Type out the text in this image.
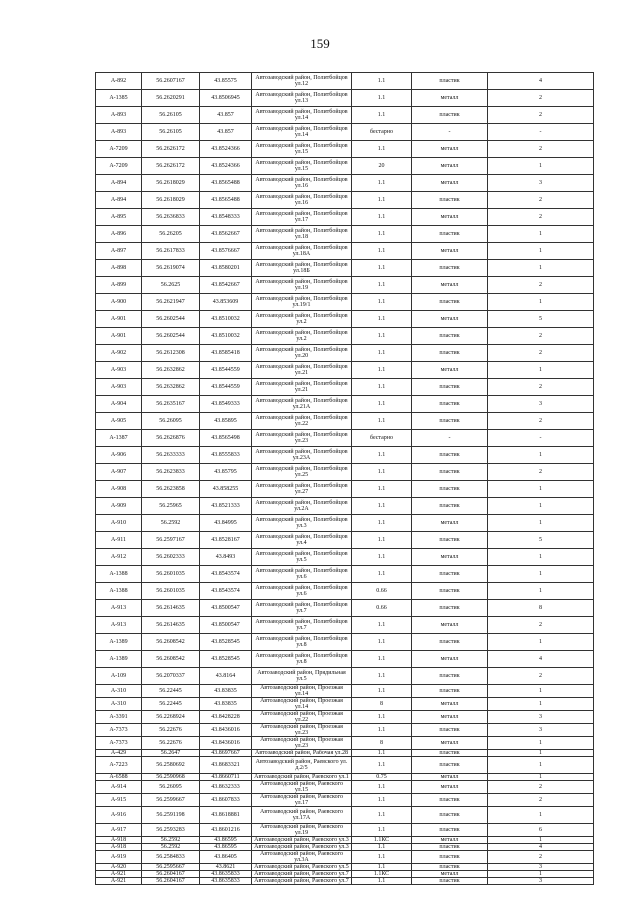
159
А-892	56.2607167	43.85575	Автозаводский район, Политбойцов ул.12	1.1	пластик	4
А-1385	56.2620291	43.8506945	Автозаводский район, Политбойцов ул.13	1.1	металл	2
А-893	56.26105	43.857	Автозаводский район, Политбойцов ул.14	1.1	пластик	2
А-893	56.26105	43.857	Автозаводский район, Политбойцов ул.14	бестарно	-	-
А-7209	56.2626172	43.8524366	Автозаводский район, Политбойцов ул.15	1.1	металл	2
А-7209	56.2626172	43.8524366	Автозаводский район, Политбойцов ул.15	20	металл	1
А-894	56.2618029	43.8565488	Автозаводский район, Политбойцов ул.16	1.1	металл	3
А-894	56.2618029	43.8565488	Автозаводский район, Политбойцов ул.16	1.1	пластик	2
А-895	56.2636833	43.8548333	Автозаводский район, Политбойцов ул.17	1.1	металл	2
А-896	56.26205	43.8562667	Автозаводский район, Политбойцов ул.18	1.1	пластик	1
А-897	56.2617833	43.8576667	Автозаводский район, Политбойцов ул.18А	1.1	металл	1
А-898	56.2619074	43.8580201	Автозаводский район, Политбойцов ул.18Б	1.1	пластик	1
А-899	56.2625	43.8542667	Автозаводский район, Политбойцов ул.19	1.1	металл	2
А-900	56.2621947	43.853609	Автозаводский район, Политбойцов ул.19/1	1.1	пластик	1
А-901	56.2602544	43.8510032	Автозаводский район, Политбойцов ул.2	1.1	металл	5
А-901	56.2602544	43.8510032	Автозаводский район, Политбойцов ул.2	1.1	пластик	2
А-902	56.2612308	43.8585418	Автозаводский район, Политбойцов ул.20	1.1	пластик	2
А-903	56.2632862	43.8544559	Автозаводский район, Политбойцов ул.21	1.1	металл	1
А-903	56.2632862	43.8544559	Автозаводский район, Политбойцов ул.21	1.1	пластик	2
А-904	56.2635167	43.8549333	Автозаводский район, Политбойцов ул.21А	1.1	пластик	3
А-905	56.26095	43.85895	Автозаводский район, Политбойцов ул.22	1.1	пластик	2
А-1387	56.2626876	43.8565498	Автозаводский район, Политбойцов ул.23	бестарно	-	-
А-906	56.2633333	43.8555833	Автозаводский район, Политбойцов ул.23А	1.1	пластик	1
А-907	56.2623833	43.85795	Автозаводский район, Политбойцов ул.25	1.1	пластик	2
А-908	56.2623858	43.858255	Автозаводский район, Политбойцов ул.27	1.1	пластик	1
А-909	56.25965	43.8521333	Автозаводский район, Политбойцов ул.2А	1.1	пластик	1
А-910	56.2592	43.84995	Автозаводский район, Политбойцов ул.3	1.1	металл	1
А-911	56.2597167	43.8528167	Автозаводский район, Политбойцов ул.4	1.1	пластик	5
А-912	56.2602333	43.8493	Автозаводский район, Политбойцов ул.5	1.1	металл	1
А-1388	56.2601035	43.8543574	Автозаводский район, Политбойцов ул.6	1.1	пластик	1
А-1388	56.2601035	43.8543574	Автозаводский район, Политбойцов ул.6	0.66	пластик	1
А-913	56.2614635	43.8500547	Автозаводский район, Политбойцов ул.7	0.66	пластик	8
А-913	56.2614635	43.8500547	Автозаводский район, Политбойцов ул.7	1.1	металл	2
А-1389	56.2608542	43.8528545	Автозаводский район, Политбойцов ул.8	1.1	пластик	1
А-1389	56.2608542	43.8528545	Автозаводский район, Политбойцов ул.8	1.1	металл	4
А-109	56.2070337	43.8164	Автозаводский район, Прядильная ул.5	1.1	пластик	2
А-310	56.22445	43.83835	Автозаводский район, Проезжая ул.14	1.1	пластик	1
А-310	56.22445	43.83835	Автозаводский район, Проезжая ул.14	8	металл	1
А-3391	56.2268924	43.8428228	Автозаводский район, Проезжая ул.22	1.1	металл	3
А-7373	56.22676	43.8436016	Автозаводский район, Проезжая ул.23	1.1	пластик	3
А-7373	56.22676	43.8436016	Автозаводский район, Проезжая ул.23	8	металл	1
А-429	56.2647	43.8697667	Автозаводский район, Рабочая ул.28	1.1	пластик	1
А-7223	56.2580692	43.8683321	Автозаводский район, Раевского ул. д.2/5	1.1	пластик	1
А-6588	56.2590968	43.8660711	Автозаводский район, Раевского ул.1	0.75	металл	1
А-914	56.26095	43.8632333	Автозаводский район, Раевского ул.15	1.1	металл	2
А-915	56.2599667	43.8607833	Автозаводский район, Раевского ул.17	1.1	пластик	2
А-916	56.2591198	43.8618881	Автозаводский район, Раевского ул.17А	1.1	пластик	1
А-917	56.2593283	43.8601216	Автозаводский район, Раевского ул.19	1.1	пластик	6
А-918	56.2592	43.86595	Автозаводский район, Раевского ул.3	1.1КС	металл	1
А-918	56.2592	43.86595	Автозаводский район, Раевского ул.3	1.1	пластик	4
А-919	56.2584833	43.86405	Автозаводский район, Раевского ул.3А	1.1	пластик	2
А-920	56.2595667	43.8621	Автозаводский район, Раевского ул.5	1.1	пластик	3
А-921	56.2604167	43.8635833	Автозаводский район, Раевского ул.7	1.1КС	металл	1
А-921	56.2604167	43.8635833	Автозаводский район, Раевского ул.7	1.1	пластик	3
